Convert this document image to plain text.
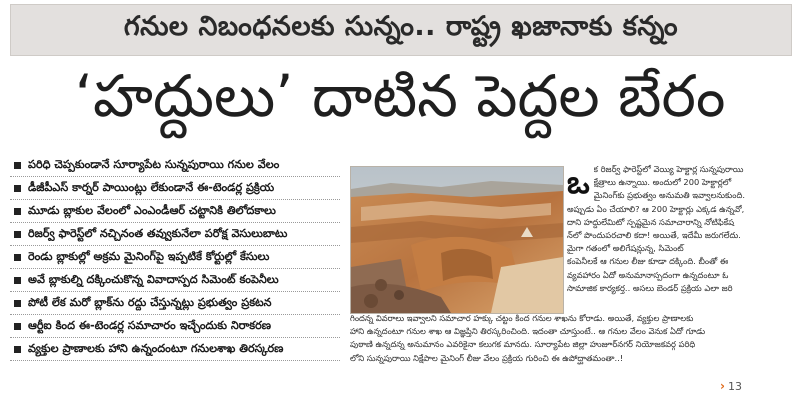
గనుల నిబంధనలకు సున్నం.. రాష్ట్ర ఖజానాకు కన్నం
‘హద్దులు’ దాటిన పెద్దల బేరం
పరిధి చెప్పకుండానే సూర్యాపేట సున్నపురాయి గనుల వేలం
డీజీపీఎస్ కార్నర్ పాయింట్లు లేకుండానే ఈ-టెండర్ల ప్రక్రియ
మూడు బ్లాకుల వేలంలో ఎంఎండీఆర్ చట్టానికి తిలోదకాలు
రిజర్వ్ ఫారెస్ట్‌లో నచ్చినంత తవ్వుకునేలా పరోక్ష వెసులుబాటు
రెండు బ్లాకుల్లో అక్రమ మైనింగ్‌పై ఇప్పటికే కోర్టుల్లో కేసులు
అవే బ్లాకుల్ని దక్కించుకొన్న వివాదాస్పద సిమెంట్ కంపెనీలు
పోటీ లేక మరో బ్లాక్‌ను రద్దు చేస్తున్నట్లు ప్రభుత్వం ప్రకటన
ఆర్టీఐ కింద ఈ-టెండర్ల సమాచారం ఇచ్చేందుకు నిరాకరణ
వ్యక్తుల ప్రాణాలకు హాని ఉన్నందంటూ గనులశాఖ తిరస్కరణ
ఒ క రిజర్వ్ ఫారెస్ట్‌లో వెయ్యి హెక్టార్ల సున్నపురాయి
క్షేత్రాలు ఉన్నాయి. అందులో 200 హెక్టార్లలో
మైనింగ్‌కు ప్రభుత్వం అనుమతి ఇవ్వాలనుకుంది.
అప్పుడు ఏం చేయాలి? ఆ 200 హెక్టార్లు ఎక్కడ ఉన్నవో,
దాని హద్దులేమిటో స్పష్టమైన సమాచారాన్ని నోటిఫికేష
న్‌లో పొందుపరచాలి కదా! అయితే, ఇదేమీ జరుగలేదు.
మైగా గతంలో అలిగేషన్లున్న, సిమెంట్
కంపెనీలకే ఆ గనుల లీజు కూడా దక్కింది. బీంతో ఈ
వ్యవహారం ఏదో అనుమానాస్పదంగా ఉన్నదంటూ ఓ
సామాజిక కార్యకర్త.. అసలు బెండర్ ప్రక్రియ ఎలా జరి
గిందన్న వివరాలు ఇవ్వాలని సమాచార హక్కు చట్టం కింద గనుల శాఖను కోరాడు. అయితే, వ్యక్తుల ప్రాణాలకు
హాని ఉన్నదంటూ గనుల శాఖ ఆ విజ్ఞప్తిని తిరస్కరించింది. ఇదంతా చూస్తుంటే.. ఆ గనుల వేలం వెనుక ఏదో గూడు
పుఠాణి ఉన్నదన్న అనుమానం ఎవరికైనా కలుగక మానదు. సూర్యాపేట జిల్లా హుజూర్‌నగర్ నియోజకవర్గ పరిధి
లోని సున్నపురాయి నిక్షేపాల మైనింగ్ లీజు వేలం ప్రక్రియ గురించి ఈ ఉపోద్ఘాతమంతా..!
› 13
